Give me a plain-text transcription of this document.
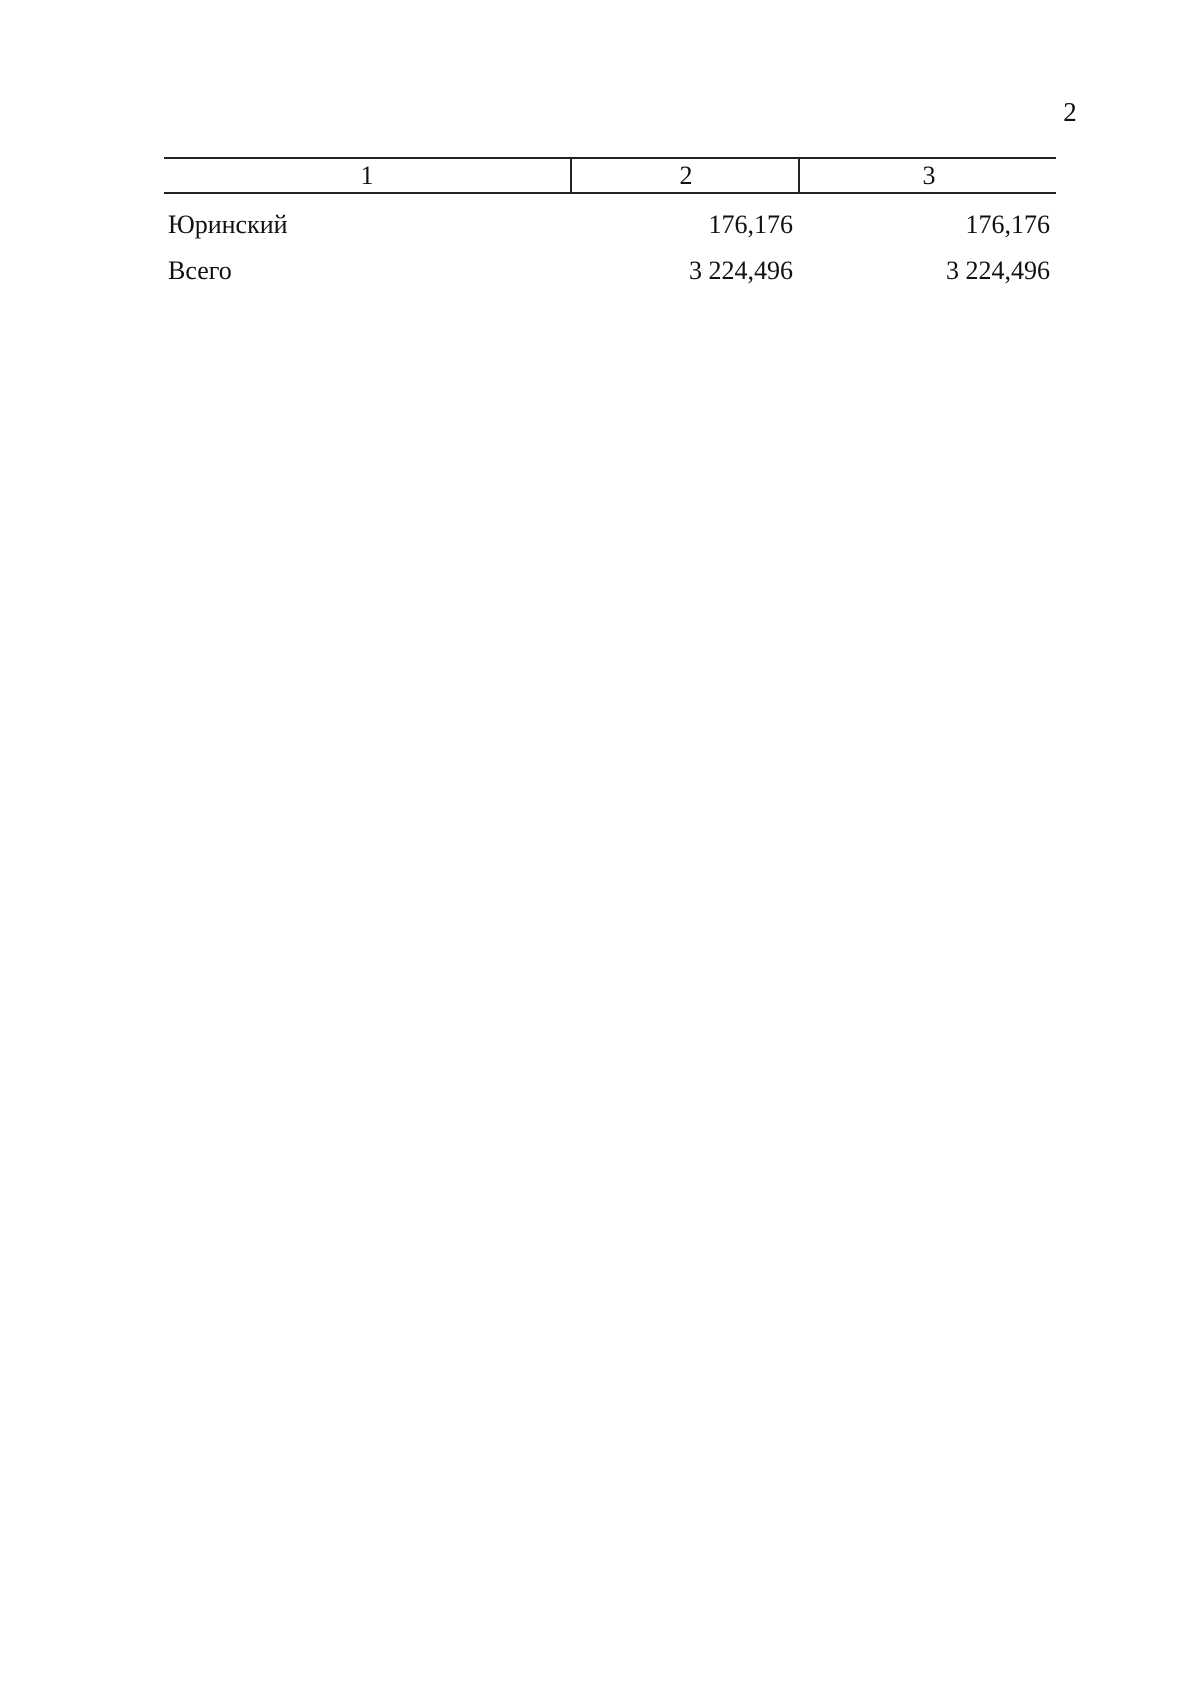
2
1	2	3
Юринский	176,176	176,176
Всего	3 224,496	3 224,496
